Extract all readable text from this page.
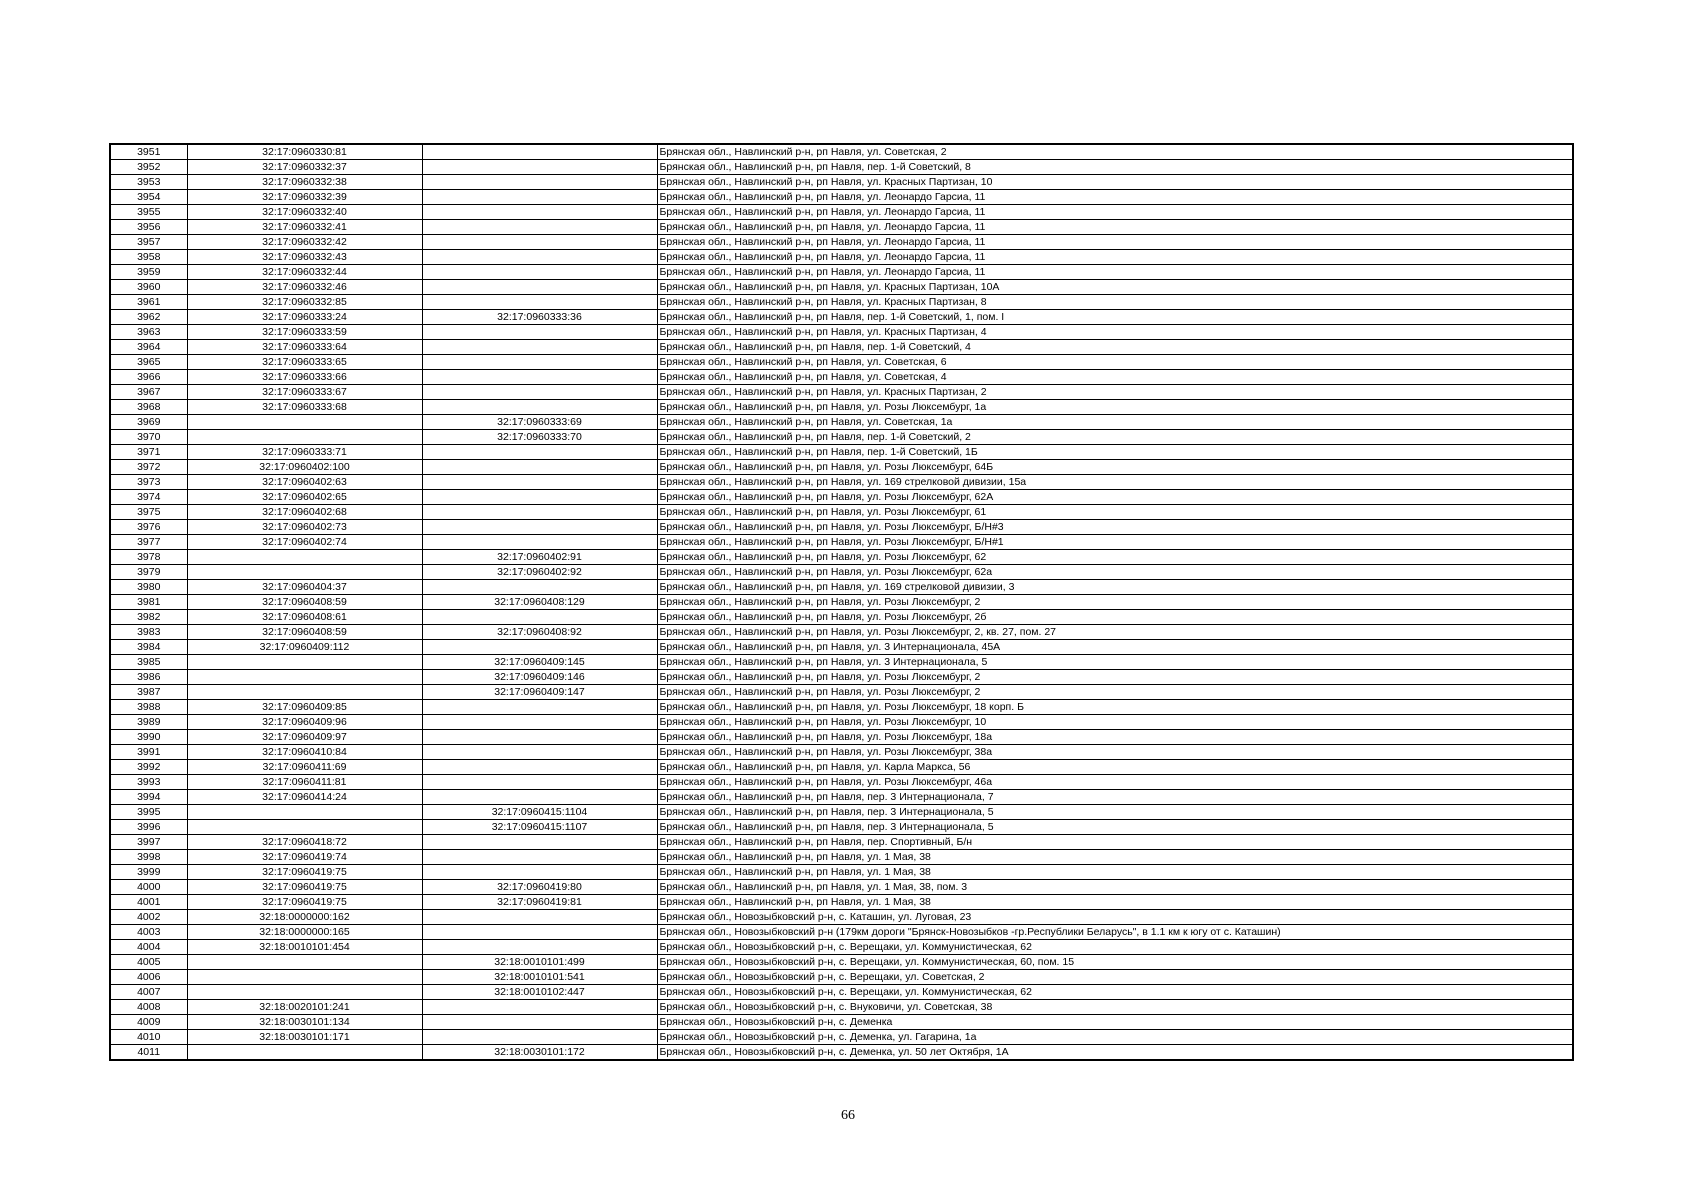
3951	32:17:0960330:81		Брянская обл., Навлинский р-н, рп Навля, ул. Советская, 2
3952	32:17:0960332:37		Брянская обл., Навлинский р-н, рп Навля, пер. 1-й Советский, 8
3953	32:17:0960332:38		Брянская обл., Навлинский р-н, рп Навля, ул. Красных Партизан, 10
3954	32:17:0960332:39		Брянская обл., Навлинский р-н, рп Навля, ул. Леонардо Гарсиа, 11
3955	32:17:0960332:40		Брянская обл., Навлинский р-н, рп Навля, ул. Леонардо Гарсиа, 11
3956	32:17:0960332:41		Брянская обл., Навлинский р-н, рп Навля, ул. Леонардо Гарсиа, 11
3957	32:17:0960332:42		Брянская обл., Навлинский р-н, рп Навля, ул. Леонардо Гарсиа, 11
3958	32:17:0960332:43		Брянская обл., Навлинский р-н, рп Навля, ул. Леонардо Гарсиа, 11
3959	32:17:0960332:44		Брянская обл., Навлинский р-н, рп Навля, ул. Леонардо Гарсиа, 11
3960	32:17:0960332:46		Брянская обл., Навлинский р-н, рп Навля, ул. Красных Партизан, 10А
3961	32:17:0960332:85		Брянская обл., Навлинский р-н, рп Навля, ул. Красных Партизан, 8
3962	32:17:0960333:24	32:17:0960333:36	Брянская обл., Навлинский р-н, рп Навля, пер. 1-й Советский, 1, пом. I
3963	32:17:0960333:59		Брянская обл., Навлинский р-н, рп Навля, ул. Красных Партизан, 4
3964	32:17:0960333:64		Брянская обл., Навлинский р-н, рп Навля, пер. 1-й Советский, 4
3965	32:17:0960333:65		Брянская обл., Навлинский р-н, рп Навля, ул. Советская, 6
3966	32:17:0960333:66		Брянская обл., Навлинский р-н, рп Навля, ул. Советская, 4
3967	32:17:0960333:67		Брянская обл., Навлинский р-н, рп Навля, ул. Красных Партизан, 2
3968	32:17:0960333:68		Брянская обл., Навлинский р-н, рп Навля, ул. Розы Люксембург, 1а
3969		32:17:0960333:69	Брянская обл., Навлинский р-н, рп Навля, ул. Советская, 1а
3970		32:17:0960333:70	Брянская обл., Навлинский р-н, рп Навля, пер. 1-й Советский, 2
3971	32:17:0960333:71		Брянская обл., Навлинский р-н, рп Навля, пер. 1-й Советский, 1Б
3972	32:17:0960402:100		Брянская обл., Навлинский р-н, рп Навля, ул. Розы Люксембург, 64Б
3973	32:17:0960402:63		Брянская обл., Навлинский р-н, рп Навля, ул. 169 стрелковой дивизии, 15а
3974	32:17:0960402:65		Брянская обл., Навлинский р-н, рп Навля, ул. Розы Люксембург, 62А
3975	32:17:0960402:68		Брянская обл., Навлинский р-н, рп Навля, ул. Розы Люксембург, 61
3976	32:17:0960402:73		Брянская обл., Навлинский р-н, рп Навля, ул. Розы Люксембург, Б/Н#3
3977	32:17:0960402:74		Брянская обл., Навлинский р-н, рп Навля, ул. Розы Люксембург, Б/Н#1
3978		32:17:0960402:91	Брянская обл., Навлинский р-н, рп Навля, ул. Розы Люксембург, 62
3979		32:17:0960402:92	Брянская обл., Навлинский р-н, рп Навля, ул. Розы Люксембург, 62а
3980	32:17:0960404:37		Брянская обл., Навлинский р-н, рп Навля, ул. 169 стрелковой дивизии, 3
3981	32:17:0960408:59	32:17:0960408:129	Брянская обл., Навлинский р-н, рп Навля, ул. Розы Люксембург, 2
3982	32:17:0960408:61		Брянская обл., Навлинский р-н, рп Навля, ул. Розы Люксембург, 2б
3983	32:17:0960408:59	32:17:0960408:92	Брянская обл., Навлинский р-н, рп Навля, ул. Розы Люксембург, 2, кв. 27, пом. 27
3984	32:17:0960409:112		Брянская обл., Навлинский р-н, рп Навля, ул. 3 Интернационала, 45А
3985		32:17:0960409:145	Брянская обл., Навлинский р-н, рп Навля, ул. 3 Интернационала, 5
3986		32:17:0960409:146	Брянская обл., Навлинский р-н, рп Навля, ул. Розы Люксембург, 2
3987		32:17:0960409:147	Брянская обл., Навлинский р-н, рп Навля, ул. Розы Люксембург, 2
3988	32:17:0960409:85		Брянская обл., Навлинский р-н, рп Навля, ул. Розы Люксембург, 18 корп. Б
3989	32:17:0960409:96		Брянская обл., Навлинский р-н, рп Навля, ул. Розы Люксембург, 10
3990	32:17:0960409:97		Брянская обл., Навлинский р-н, рп Навля, ул. Розы Люксембург, 18а
3991	32:17:0960410:84		Брянская обл., Навлинский р-н, рп Навля, ул. Розы Люксембург, 38а
3992	32:17:0960411:69		Брянская обл., Навлинский р-н, рп Навля, ул. Карла Маркса, 56
3993	32:17:0960411:81		Брянская обл., Навлинский р-н, рп Навля, ул. Розы Люксембург, 46а
3994	32:17:0960414:24		Брянская обл., Навлинский р-н, рп Навля, пер. 3 Интернационала, 7
3995		32:17:0960415:1104	Брянская обл., Навлинский р-н, рп Навля, пер. 3 Интернационала, 5
3996		32:17:0960415:1107	Брянская обл., Навлинский р-н, рп Навля, пер. 3 Интернационала, 5
3997	32:17:0960418:72		Брянская обл., Навлинский р-н, рп Навля, пер. Спортивный, Б/н
3998	32:17:0960419:74		Брянская обл., Навлинский р-н, рп Навля, ул. 1 Мая, 38
3999	32:17:0960419:75		Брянская обл., Навлинский р-н, рп Навля, ул. 1 Мая, 38
4000	32:17:0960419:75	32:17:0960419:80	Брянская обл., Навлинский р-н, рп Навля, ул. 1 Мая, 38, пом. 3
4001	32:17:0960419:75	32:17:0960419:81	Брянская обл., Навлинский р-н, рп Навля, ул. 1 Мая, 38
4002	32:18:0000000:162		Брянская обл., Новозыбковский р-н, с. Каташин, ул. Луговая, 23
4003	32:18:0000000:165		Брянская обл., Новозыбковский р-н (179км дороги "Брянск-Новозыбков -гр.Республики Беларусь", в 1.1 км к югу от с. Каташин)
4004	32:18:0010101:454		Брянская обл., Новозыбковский р-н, с. Верещаки, ул. Коммунистическая, 62
4005		32:18:0010101:499	Брянская обл., Новозыбковский р-н, с. Верещаки, ул. Коммунистическая, 60, пом. 15
4006		32:18:0010101:541	Брянская обл., Новозыбковский р-н, с. Верещаки, ул. Советская, 2
4007		32:18:0010102:447	Брянская обл., Новозыбковский р-н, с. Верещаки, ул. Коммунистическая, 62
4008	32:18:0020101:241		Брянская обл., Новозыбковский р-н, с. Внуковичи, ул. Советская, 38
4009	32:18:0030101:134		Брянская обл., Новозыбковский р-н, с. Деменка
4010	32:18:0030101:171		Брянская обл., Новозыбковский р-н, с. Деменка, ул. Гагарина, 1а
4011		32:18:0030101:172	Брянская обл., Новозыбковский р-н, с. Деменка, ул. 50 лет Октября, 1А
66
